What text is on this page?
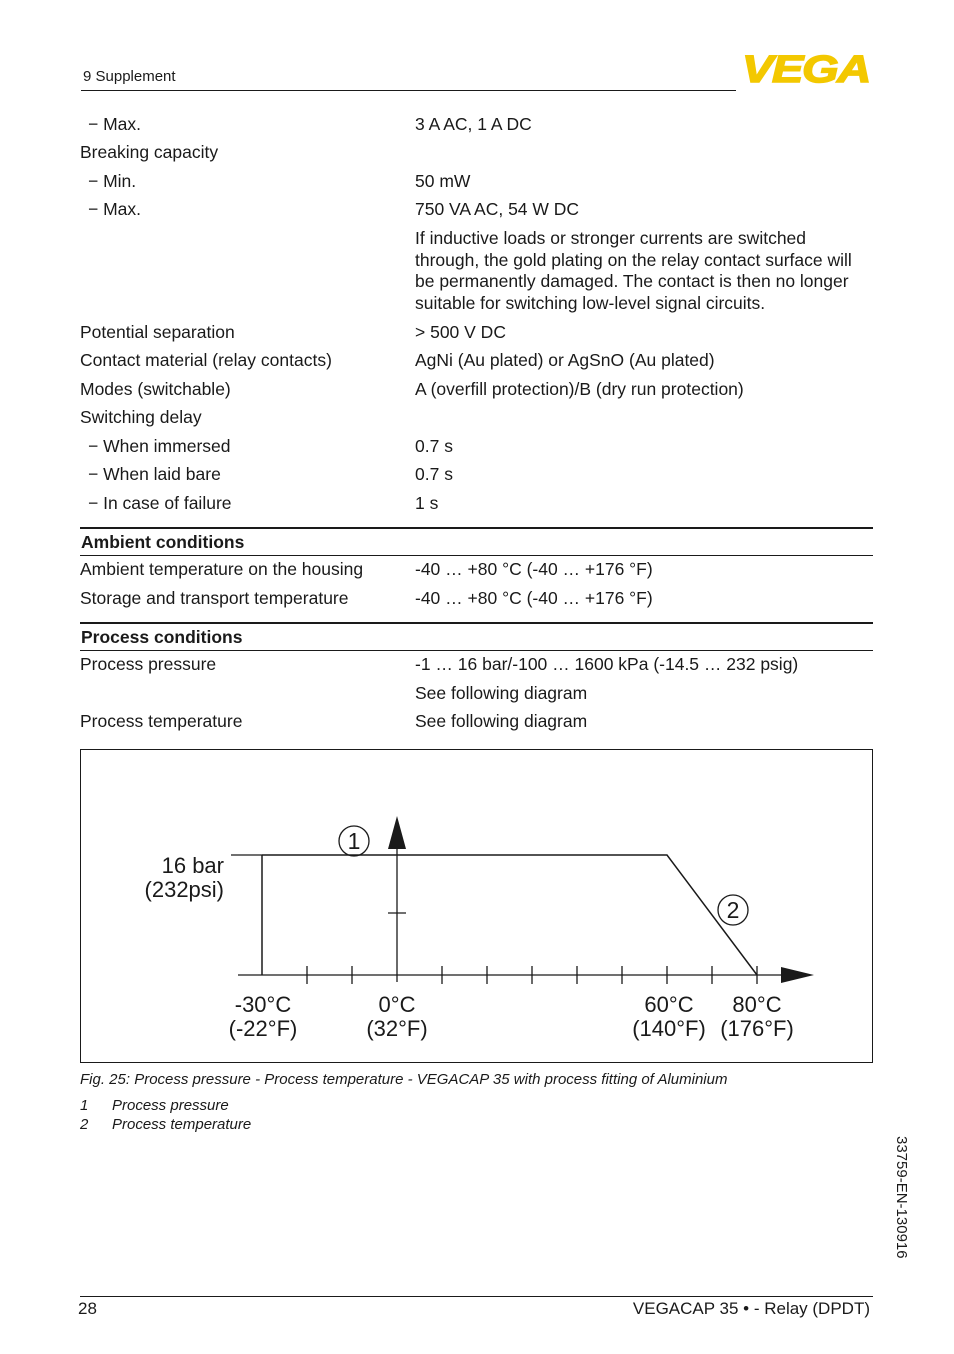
9 Supplement	VEGA
− Max.	3 A AC, 1 A DC
Breaking capacity
− Min.	50 mW
− Max.	750 VA AC, 54 W DC
If inductive loads or stronger currents are switched through, the gold plating on the relay contact surface will be permanently damaged. The contact is then no longer suitable for switching low-level signal circuits.
Potential separation	> 500 V DC
Contact material (relay contacts)	AgNi (Au plated) or AgSnO (Au plated)
Modes (switchable)	A (overfill protection)/B (dry run protection)
Switching delay
− When immersed	0.7 s
− When laid bare	0.7 s
− In case of failure	1 s
Ambient conditions
Ambient temperature on the housing	-40 … +80 °C (-40 … +176 °F)
Storage and transport temperature	-40 … +80 °C (-40 … +176 °F)
Process conditions
Process pressure	-1 … 16 bar/-100 … 1600 kPa (-14.5 … 232 psig)
See following diagram
Process temperature	See following diagram
1
2
16 bar
(232psi)
-30°C
(-22°F)
0°C
(32°F)
60°C
(140°F)
80°C
(176°F)
Fig. 25: Process pressure - Process temperature - VEGACAP 35 with process fitting of Aluminium
1 Process pressure
2 Process temperature
33759-EN-130916
28	VEGACAP 35 • - Relay (DPDT)
